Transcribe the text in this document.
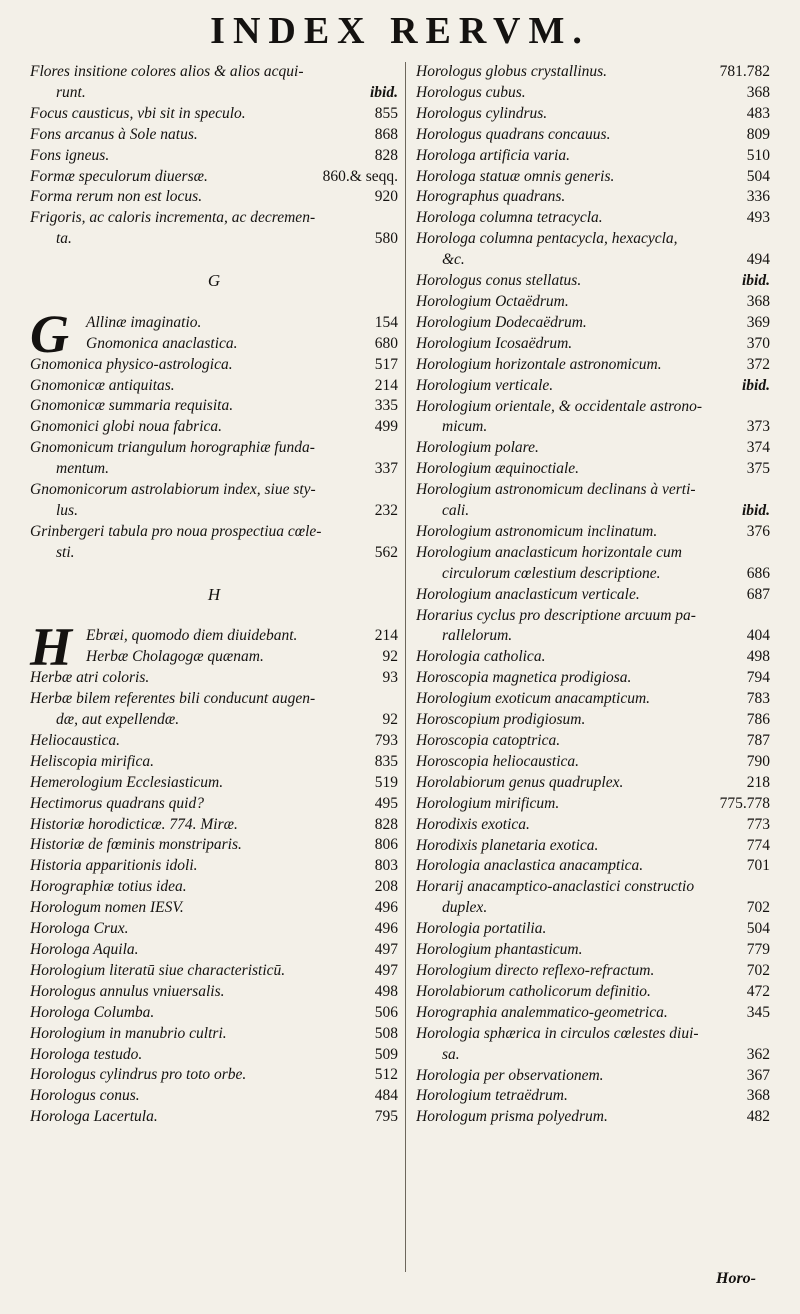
INDEX RERVM.
Flores insitione colores alios & alios acqui-
runt.	ibid.
Focus causticus, vbi sit in speculo.	855
Fons arcanus à Sole natus.	868
Fons igneus.	828
Formæ speculorum diuersæ.	860.& seqq.
Forma rerum non est locus.	920
Frigoris, ac caloris incrementa, ac decremen-
ta.	580
G
G	Allinæ imaginatio.	154
Gnomonica anaclastica.	680
Gnomonica physico-astrologica.	517
Gnomonicæ antiquitas.	214
Gnomonicæ summaria requisita.	335
Gnomonici globi noua fabrica.	499
Gnomonicum triangulum horographiæ funda-
mentum.	337
Gnomonicorum astrolabiorum index, siue sty-
lus.	232
Grinbergeri tabula pro noua prospectiua cœle-
sti.	562
H
H Ebræi, quomodo diem diuidebant.	214
Herbæ Cholagogæ quænam.	92
Herbæ atri coloris.	93
Herbæ bilem referentes bili conducunt augen-
dæ, aut expellendæ.	92
Heliocaustica.	793
Heliscopia mirifica.	835
Hemerologium Ecclesiasticum.	519
Hectimorus quadrans quid?	495
Historiæ horodicticæ. 774. Miræ.	828
Historiæ de fœminis monstriparis.	806
Historia apparitionis idoli.	803
Horographiæ totius idea.	208
Horologum nomen IESV.	496
Horologa Crux.	496
Horologa Aquila.	497
Horologium literatū siue characteristicū.	497
Horologus annulus vniuersalis.	498
Horologa Columba.	506
Horologium in manubrio cultri.	508
Horologa testudo.	509
Horologus cylindrus pro toto orbe.	512
Horologus conus.	484
Horologa Lacertula.	795
Horologus globus crystallinus.	781.782
Horologus cubus.	368
Horologus cylindrus.	483
Horologus quadrans concauus.	809
Horologa artificia varia.	510
Horologa statuæ omnis generis.	504
Horographus quadrans.	336
Horologa columna tetracycla.	493
Horologa columna pentacycla, hexacycla,
&c.	494
Horologus conus stellatus.	ibid.
Horologium Octaëdrum.	368
Horologium Dodecaëdrum.	369
Horologium Icosaëdrum.	370
Horologium horizontale astronomicum.	372
Horologium verticale.	ibid.
Horologium orientale, & occidentale astrono-
micum.	373
Horologium polare.	374
Horologium æquinoctiale.	375
Horologium astronomicum declinans à verti-
cali.	ibid.
Horologium astronomicum inclinatum.	376
Horologium anaclasticum horizontale cum
circulorum cœlestium descriptione.	686
Horologium anaclasticum verticale.	687
Horarius cyclus pro descriptione arcuum pa-
rallelorum.	404
Horologia catholica.	498
Horoscopia magnetica prodigiosa.	794
Horologium exoticum anacampticum.	783
Horoscopium prodigiosum.	786
Horoscopia catoptrica.	787
Horoscopia heliocaustica.	790
Horolabiorum genus quadruplex.	218
Horologium mirificum.	775.778
Horodixis exotica.	773
Horodixis planetaria exotica.	774
Horologia anaclastica anacamptica.	701
Horarij anacamptico-anaclastici constructio
duplex.	702
Horologia portatilia.	504
Horologium phantasticum.	779
Horologium directo reflexo-refractum.	702
Horolabiorum catholicorum definitio.	472
Horographia analemmatico-geometrica.	345
Horologia sphærica in circulos cœlestes diui-
sa.	362
Horologia per observationem.	367
Horologium tetraëdrum.	368
Horologum prisma polyedrum.	482
Horo-
